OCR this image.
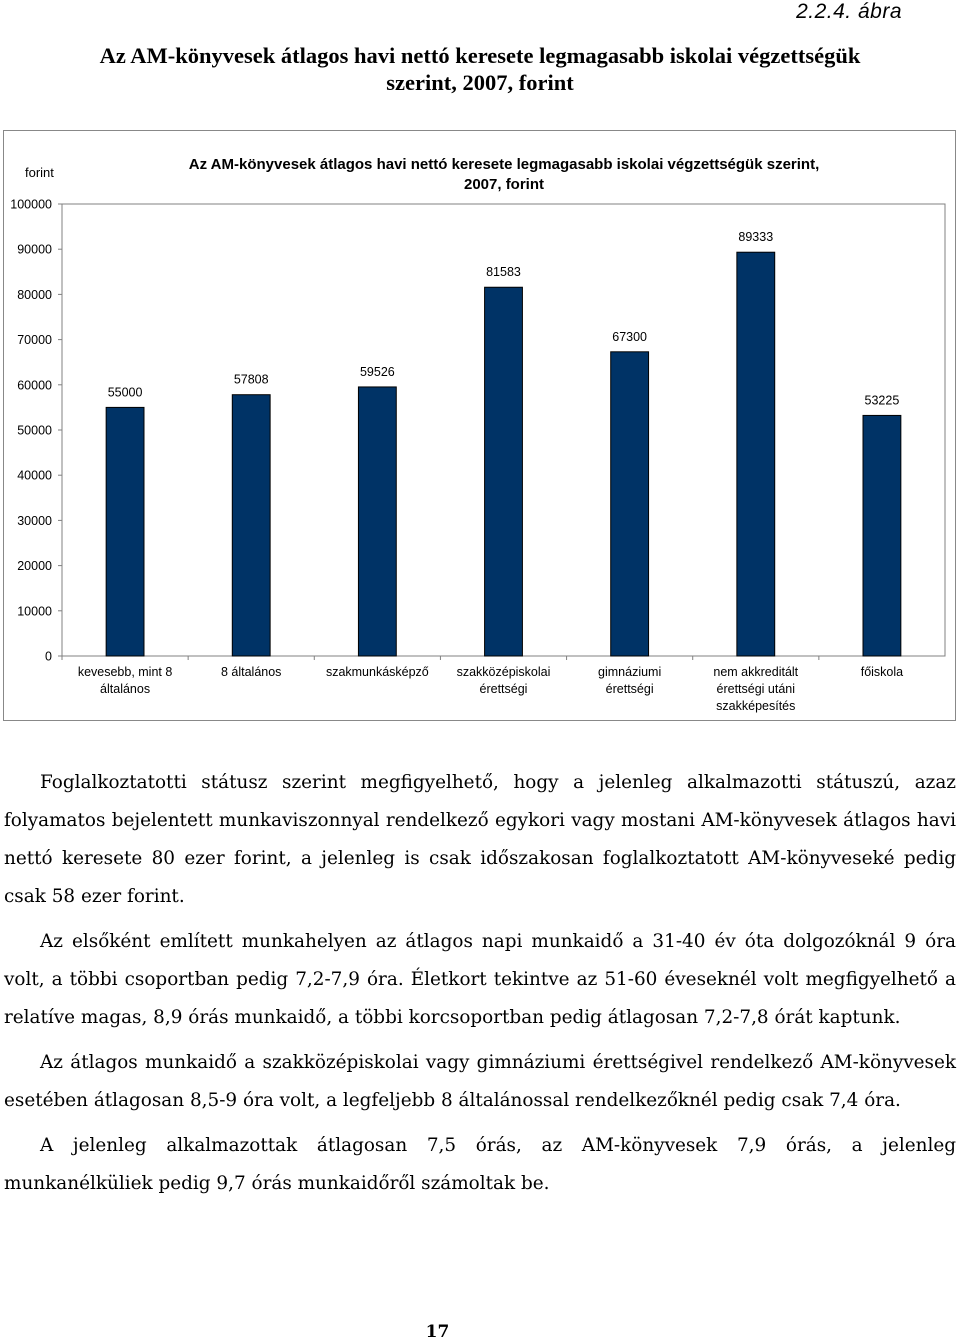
2.2.4. ábra
Az AM-könyvesek átlagos havi nettó keresete legmagasabb iskolai végzettségük
szerint, 2007, forint
forint	Az AM-könyvesek átlagos havi nettó keresete legmagasabb iskolai végzettségük szerint,
2007, forint
0
10000
20000
30000
40000
50000
60000
70000
80000
90000
100000
55000
kevesebb, mint 8 általános
57808
8 általános
59526
szakmunkásképző
81583
szakközépiskolai érettségi
67300
gimnáziumi érettségi
89333
nem akkreditált érettségi utáni szakképesítés
53225
főiskola

Foglalkoztatotti státusz szerint megfigyelhető, hogy a jelenleg alkalmazotti státuszú, azaz folyamatos bejelentett munkaviszonnyal rendelkező egykori vagy mostani AM-könyvesek átlagos havi nettó keresete 80 ezer forint, a jelenleg is csak időszakosan foglalkoztatott AM-könyveseké pedig csak 58 ezer forint.

Az elsőként említett munkahelyen az átlagos napi munkaidő a 31-40 év óta dolgozóknál 9 óra volt, a többi csoportban pedig 7,2-7,9 óra. Életkort tekintve az 51-60 éveseknél volt megfigyelhető a relatíve magas, 8,9 órás munkaidő, a többi korcsoportban pedig átlagosan 7,2-7,8 órát kaptunk.

Az átlagos munkaidő a szakközépiskolai vagy gimnáziumi érettségivel rendelkező AM-könyvesek esetében átlagosan 8,5-9 óra volt, a legfeljebb 8 általánossal rendelkezőknél pedig csak 7,4 óra.

A jelenleg alkalmazottak átlagosan 7,5 órás, az AM-könyvesek 7,9 órás, a jelenleg munkanélküliek pedig 9,7 órás munkaidőről számoltak be.

17
